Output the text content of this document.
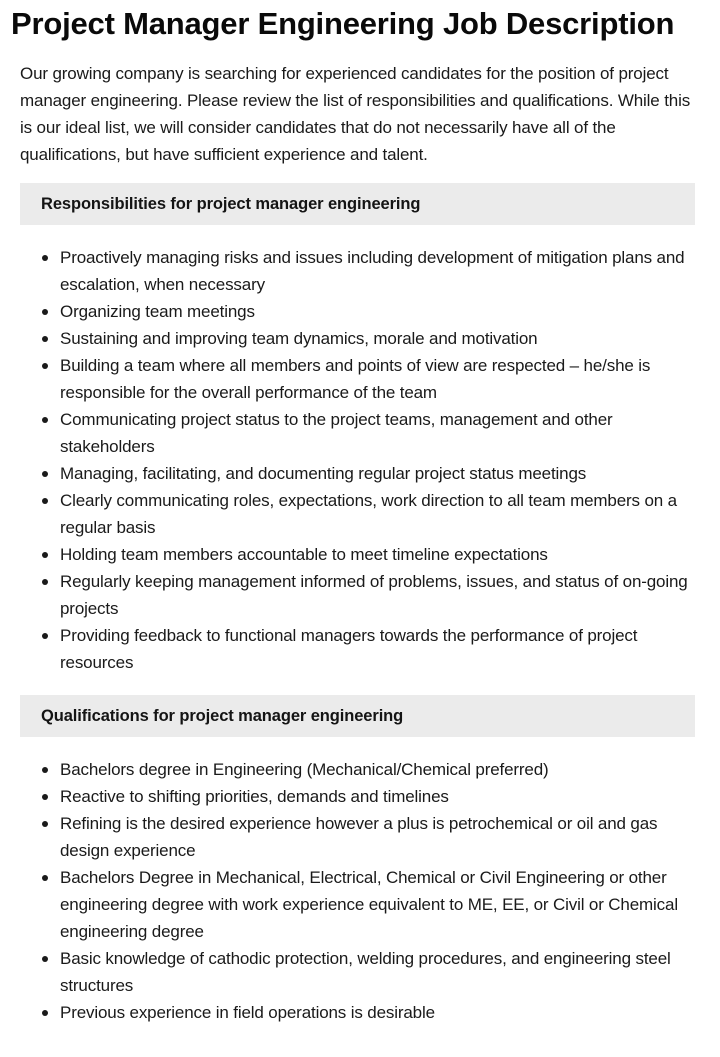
Project Manager Engineering Job Description

Our growing company is searching for experienced candidates for the position of project manager engineering. Please review the list of responsibilities and qualifications. While this is our ideal list, we will consider candidates that do not necessarily have all of the qualifications, but have sufficient experience and talent.

Responsibilities for project manager engineering
Proactively managing risks and issues including development of mitigation plans and escalation, when necessary
Organizing team meetings
Sustaining and improving team dynamics, morale and motivation
Building a team where all members and points of view are respected – he/she is responsible for the overall performance of the team
Communicating project status to the project teams, management and other stakeholders
Managing, facilitating, and documenting regular project status meetings
Clearly communicating roles, expectations, work direction to all team members on a regular basis
Holding team members accountable to meet timeline expectations
Regularly keeping management informed of problems, issues, and status of on-going projects
Providing feedback to functional managers towards the performance of project resources
Qualifications for project manager engineering
Bachelors degree in Engineering (Mechanical/Chemical preferred)
Reactive to shifting priorities, demands and timelines
Refining is the desired experience however a plus is petrochemical or oil and gas design experience
Bachelors Degree in Mechanical, Electrical, Chemical or Civil Engineering or other engineering degree with work experience equivalent to ME, EE, or Civil or Chemical engineering degree
Basic knowledge of cathodic protection, welding procedures, and engineering steel structures
Previous experience in field operations is desirable
